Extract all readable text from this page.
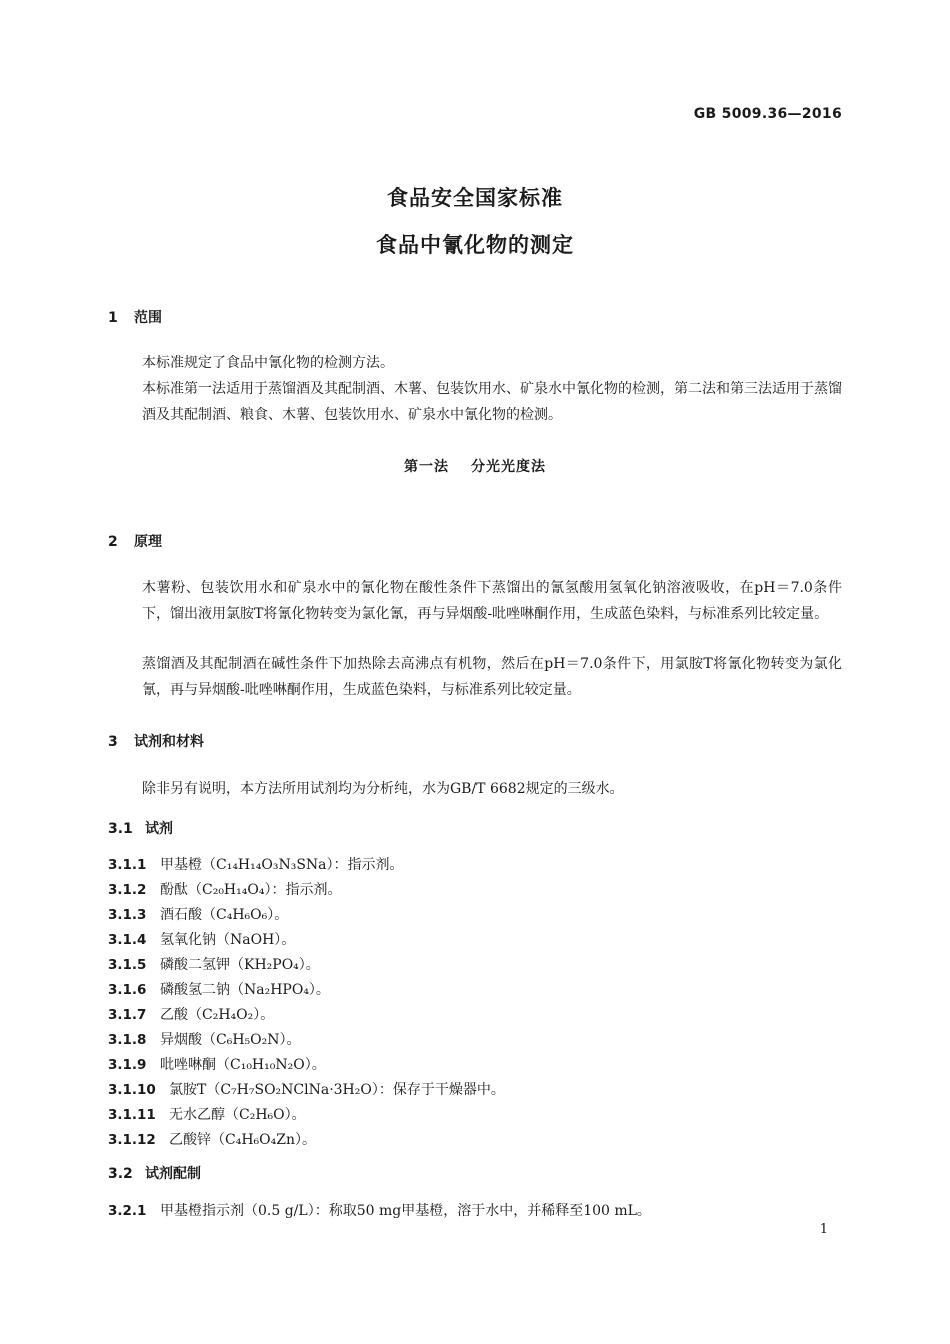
GB 5009.36—2016
食品安全国家标准
食品中氰化物的测定
1 范围
本标准规定了食品中氰化物的检测方法。
本标准第一法适用于蒸馏酒及其配制酒、木薯、包装饮用水、矿泉水中氰化物的检测，第二法和第三法适用于蒸馏酒及其配制酒、粮食、木薯、包装饮用水、矿泉水中氰化物的检测。
第一法 分光光度法
2 原理
木薯粉、包装饮用水和矿泉水中的氰化物在酸性条件下蒸馏出的氰氢酸用氢氧化钠溶液吸收，在pH＝7.0条件下，馏出液用氯胺T将氰化物转变为氯化氰，再与异烟酸-吡唑啉酮作用，生成蓝色染料，与标准系列比较定量。
蒸馏酒及其配制酒在碱性条件下加热除去高沸点有机物，然后在pH＝7.0条件下，用氯胺T将氰化物转变为氯化氰，再与异烟酸-吡唑啉酮作用，生成蓝色染料，与标准系列比较定量。
3 试剂和材料
除非另有说明，本方法所用试剂均为分析纯，水为GB/T 6682规定的三级水。
3.1 试剂
3.1.1 甲基橙（C₁₄H₁₄O₃N₃SNa）：指示剂。
3.1.2 酚酞（C₂₀H₁₄O₄）：指示剂。
3.1.3 酒石酸（C₄H₆O₆）。
3.1.4 氢氧化钠（NaOH）。
3.1.5 磷酸二氢钾（KH₂PO₄）。
3.1.6 磷酸氢二钠（Na₂HPO₄）。
3.1.7 乙酸（C₂H₄O₂）。
3.1.8 异烟酸（C₆H₅O₂N）。
3.1.9 吡唑啉酮（C₁₀H₁₀N₂O）。
3.1.10 氯胺T（C₇H₇SO₂NClNa·3H₂O）：保存于干燥器中。
3.1.11 无水乙醇（C₂H₆O）。
3.1.12 乙酸锌（C₄H₆O₄Zn）。
3.2 试剂配制
3.2.1 甲基橙指示剂（0.5 g/L）：称取50 mg甲基橙，溶于水中，并稀释至100 mL。
1
